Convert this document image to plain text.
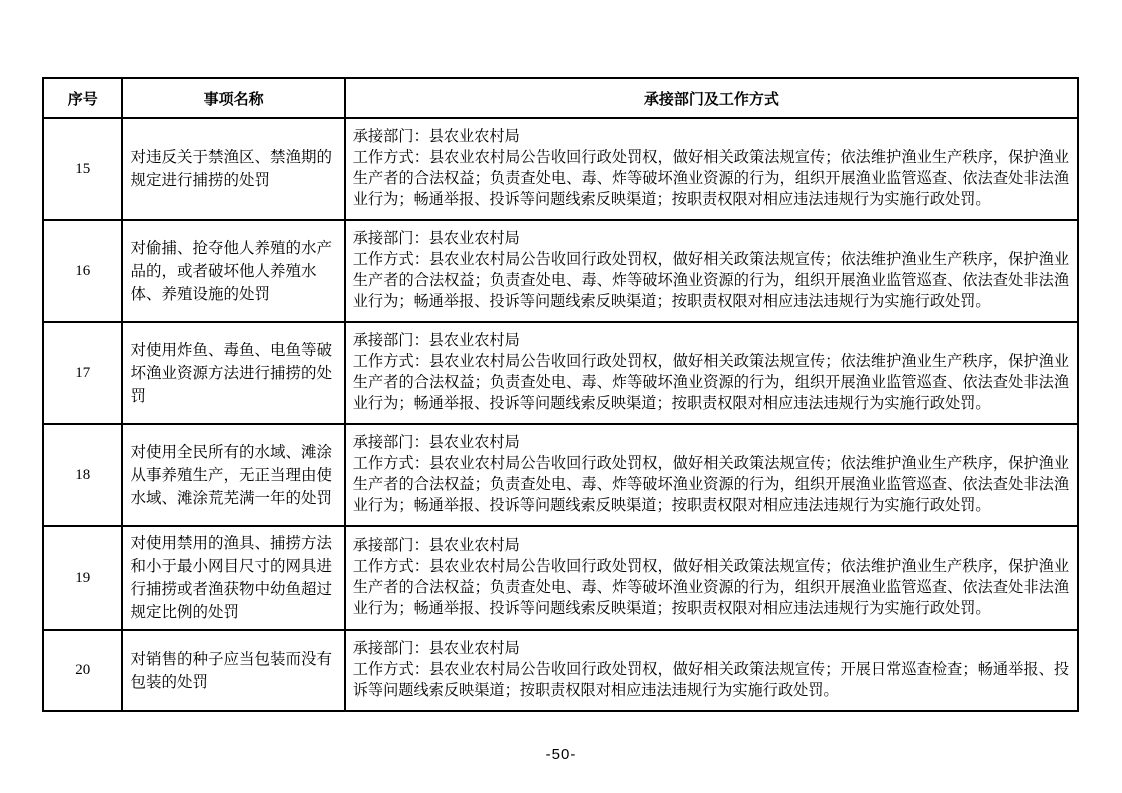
序号	事项名称	承接部门及工作方式
15	对违反关于禁渔区、禁渔期的规定进行捕捞的处罚	承接部门：县农业农村局
工作方式：县农业农村局公告收回行政处罚权，做好相关政策法规宣传；依法维护渔业生产秩序，保护渔业生产者的合法权益；负责查处电、毒、炸等破坏渔业资源的行为，组织开展渔业监管巡查、依法查处非法渔业行为；畅通举报、投诉等问题线索反映渠道；按职责权限对相应违法违规行为实施行政处罚。

16	对偷捕、抢夺他人养殖的水产品的，或者破坏他人养殖水体、养殖设施的处罚	承接部门：县农业农村局
工作方式：县农业农村局公告收回行政处罚权，做好相关政策法规宣传；依法维护渔业生产秩序，保护渔业生产者的合法权益；负责查处电、毒、炸等破坏渔业资源的行为，组织开展渔业监管巡查、依法查处非法渔业行为；畅通举报、投诉等问题线索反映渠道；按职责权限对相应违法违规行为实施行政处罚。

17	对使用炸鱼、毒鱼、电鱼等破坏渔业资源方法进行捕捞的处罚	承接部门：县农业农村局
工作方式：县农业农村局公告收回行政处罚权，做好相关政策法规宣传；依法维护渔业生产秩序，保护渔业生产者的合法权益；负责查处电、毒、炸等破坏渔业资源的行为，组织开展渔业监管巡查、依法查处非法渔业行为；畅通举报、投诉等问题线索反映渠道；按职责权限对相应违法违规行为实施行政处罚。

18	对使用全民所有的水域、滩涂从事养殖生产，无正当理由使水域、滩涂荒芜满一年的处罚	承接部门：县农业农村局
工作方式：县农业农村局公告收回行政处罚权，做好相关政策法规宣传；依法维护渔业生产秩序，保护渔业生产者的合法权益；负责查处电、毒、炸等破坏渔业资源的行为，组织开展渔业监管巡查、依法查处非法渔业行为；畅通举报、投诉等问题线索反映渠道；按职责权限对相应违法违规行为实施行政处罚。

19	对使用禁用的渔具、捕捞方法和小于最小网目尺寸的网具进行捕捞或者渔获物中幼鱼超过规定比例的处罚	承接部门：县农业农村局
工作方式：县农业农村局公告收回行政处罚权，做好相关政策法规宣传；依法维护渔业生产秩序，保护渔业生产者的合法权益；负责查处电、毒、炸等破坏渔业资源的行为，组织开展渔业监管巡查、依法查处非法渔业行为；畅通举报、投诉等问题线索反映渠道；按职责权限对相应违法违规行为实施行政处罚。

20	对销售的种子应当包装而没有包装的处罚	承接部门：县农业农村局
工作方式：县农业农村局公告收回行政处罚权，做好相关政策法规宣传；开展日常巡查检查；畅通举报、投诉等问题线索反映渠道；按职责权限对相应违法违规行为实施行政处罚。
-50-
